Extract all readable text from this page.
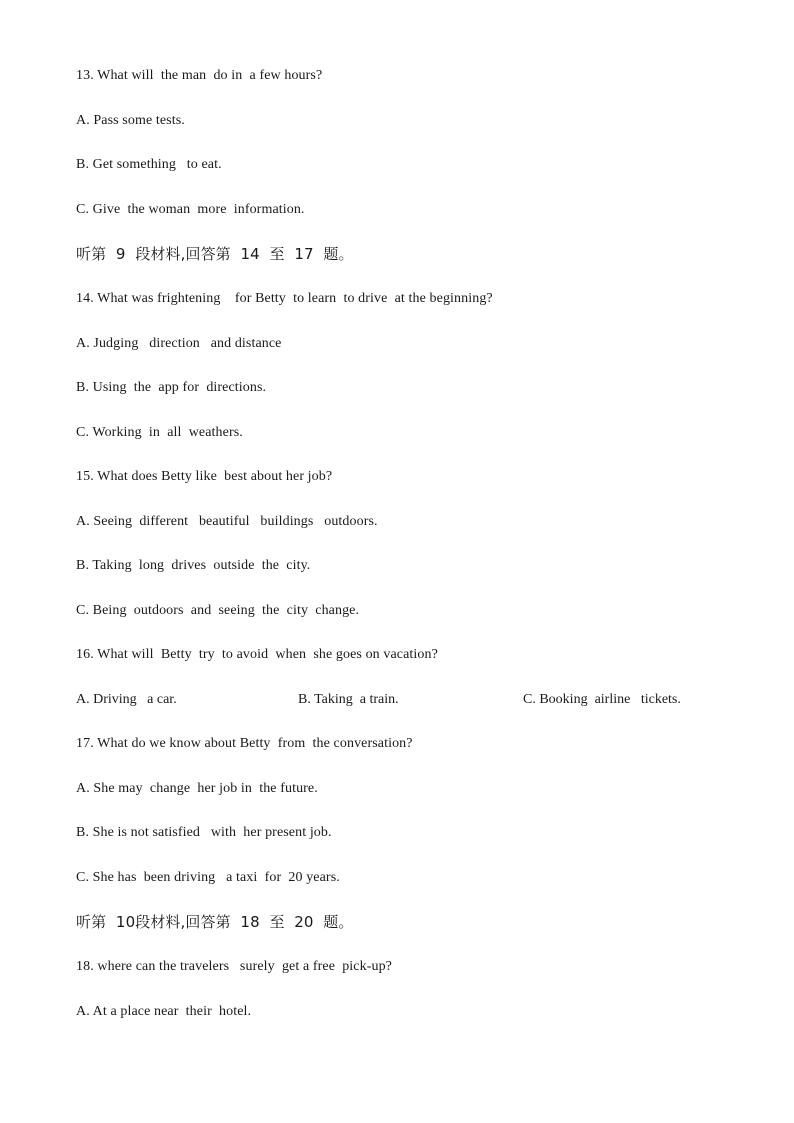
13. What will  the man  do in  a few hours?
A. Pass some tests.
B. Get something   to eat.
C. Give  the woman  more  information.
听第  9  段材料,回答第  14  至  17  题。
14. What was frightening    for Betty  to learn  to drive  at the beginning?
A. Judging   direction   and distance
B. Using  the  app for  directions.
C. Working  in  all  weathers.
15. What does Betty like  best about her job?
A. Seeing  different   beautiful   buildings   outdoors.
B. Taking  long  drives  outside  the  city.
C. Being  outdoors  and  seeing  the  city  change.
16. What will  Betty  try  to avoid  when  she goes on vacation?
A. Driving   a car.	B. Taking  a train.	C. Booking  airline   tickets.
17. What do we know about Betty  from  the conversation?
A. She may  change  her job in  the future.
B. She is not satisfied   with  her present job.
C. She has  been driving   a taxi  for  20 years.
听第  10段材料,回答第  18  至  20  题。
18. where can the travelers   surely  get a free  pick-up?
A. At a place near  their  hotel.
